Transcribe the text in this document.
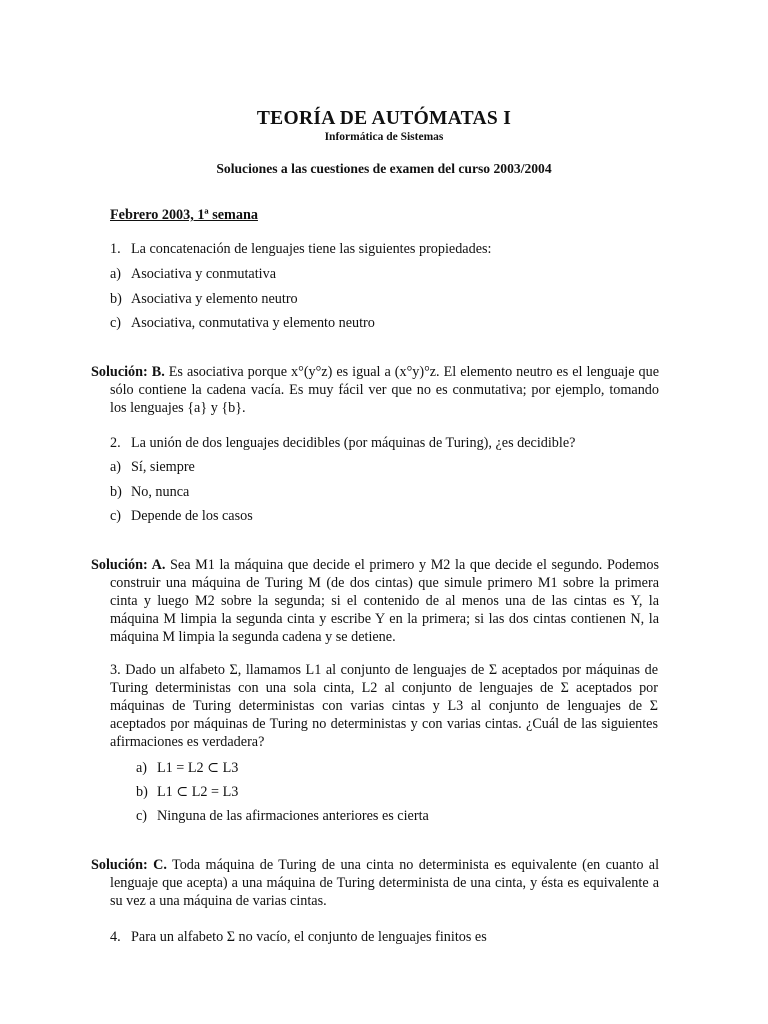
TEORÍA DE AUTÓMATAS I
Informática de Sistemas
Soluciones a las cuestiones de examen del curso 2003/2004
Febrero 2003, 1ª semana
1. La concatenación de lenguajes tiene las siguientes propiedades:
a) Asociativa y conmutativa
b) Asociativa y elemento neutro
c) Asociativa, conmutativa y elemento neutro
Solución: B. Es asociativa porque x°(y°z) es igual a (x°y)°z. El elemento neutro es el lenguaje que sólo contiene la cadena vacía. Es muy fácil ver que no es conmutativa; por ejemplo, tomando los lenguajes {a} y {b}.
2. La unión de dos lenguajes decidibles (por máquinas de Turing), ¿es decidible?
a) Sí, siempre
b) No, nunca
c) Depende de los casos
Solución: A. Sea M1 la máquina que decide el primero y M2 la que decide el segundo. Podemos construir una máquina de Turing M (de dos cintas) que simule primero M1 sobre la primera cinta y luego M2 sobre la segunda; si el contenido de al menos una de las cintas es Y, la máquina M limpia la segunda cinta y escribe Y en la primera; si las dos cintas contienen N, la máquina M limpia la segunda cadena y se detiene.
3. Dado un alfabeto Σ, llamamos L1 al conjunto de lenguajes de Σ aceptados por máquinas de Turing deterministas con una sola cinta, L2 al conjunto de lenguajes de Σ aceptados por máquinas de Turing deterministas con varias cintas y L3 al conjunto de lenguajes de Σ aceptados por máquinas de Turing no deterministas y con varias cintas. ¿Cuál de las siguientes afirmaciones es verdadera?
a) L1 = L2 ⊂ L3
b) L1 ⊂ L2 = L3
c) Ninguna de las afirmaciones anteriores es cierta
Solución: C. Toda máquina de Turing de una cinta no determinista es equivalente (en cuanto al lenguaje que acepta) a una máquina de Turing determinista de una cinta, y ésta es equivalente a su vez a una máquina de varias cintas.
4. Para un alfabeto Σ no vacío, el conjunto de lenguajes finitos es
